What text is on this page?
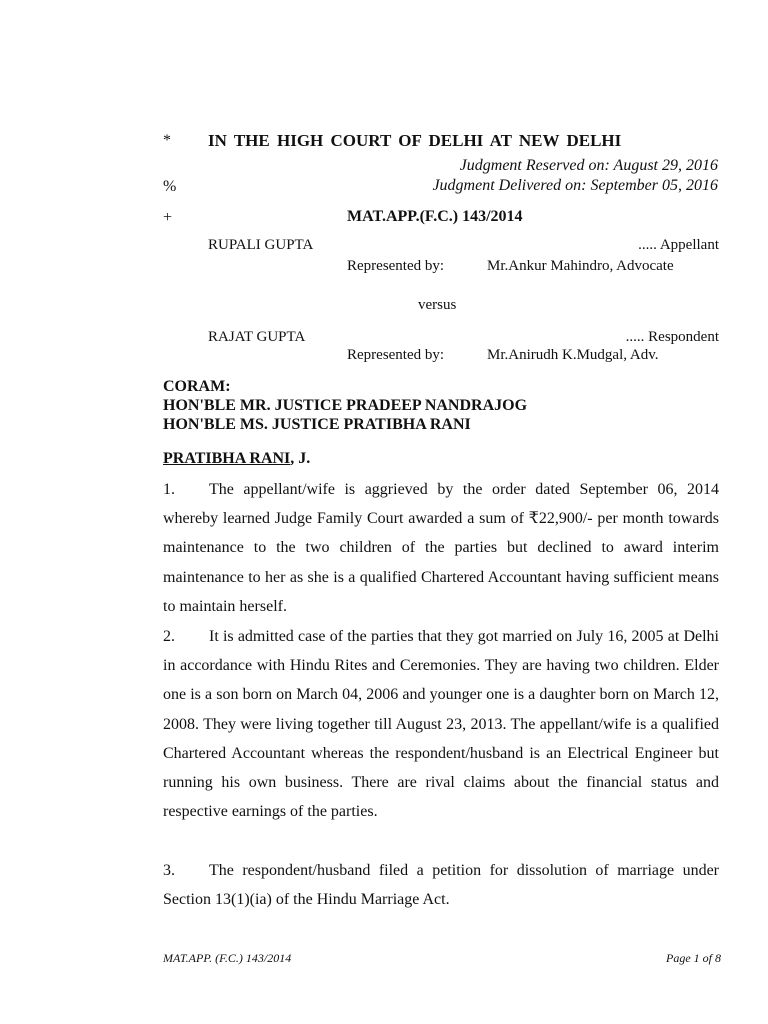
* IN THE HIGH COURT OF DELHI AT NEW DELHI
Judgment Reserved on: August 29, 2016
%	Judgment Delivered on: September 05, 2016
+	MAT.APP.(F.C.) 143/2014
RUPALI GUPTA	..... Appellant
Represented by:	Mr.Ankur Mahindro, Advocate
versus
RAJAT GUPTA	..... Respondent
Represented by:	Mr.Anirudh K.Mudgal, Adv.
CORAM:
HON'BLE MR. JUSTICE PRADEEP NANDRAJOG
HON'BLE MS. JUSTICE PRATIBHA RANI
PRATIBHA RANI, J.
1. The appellant/wife is aggrieved by the order dated September 06, 2014 whereby learned Judge Family Court awarded a sum of ₹22,900/- per month towards maintenance to the two children of the parties but declined to award interim maintenance to her as she is a qualified Chartered Accountant having sufficient means to maintain herself.
2. It is admitted case of the parties that they got married on July 16, 2005 at Delhi in accordance with Hindu Rites and Ceremonies. They are having two children. Elder one is a son born on March 04, 2006 and younger one is a daughter born on March 12, 2008. They were living together till August 23, 2013. The appellant/wife is a qualified Chartered Accountant whereas the respondent/husband is an Electrical Engineer but running his own business. There are rival claims about the financial status and respective earnings of the parties.
3. The respondent/husband filed a petition for dissolution of marriage under Section 13(1)(ia) of the Hindu Marriage Act.
MAT.APP. (F.C.) 143/2014	Page 1 of 8
